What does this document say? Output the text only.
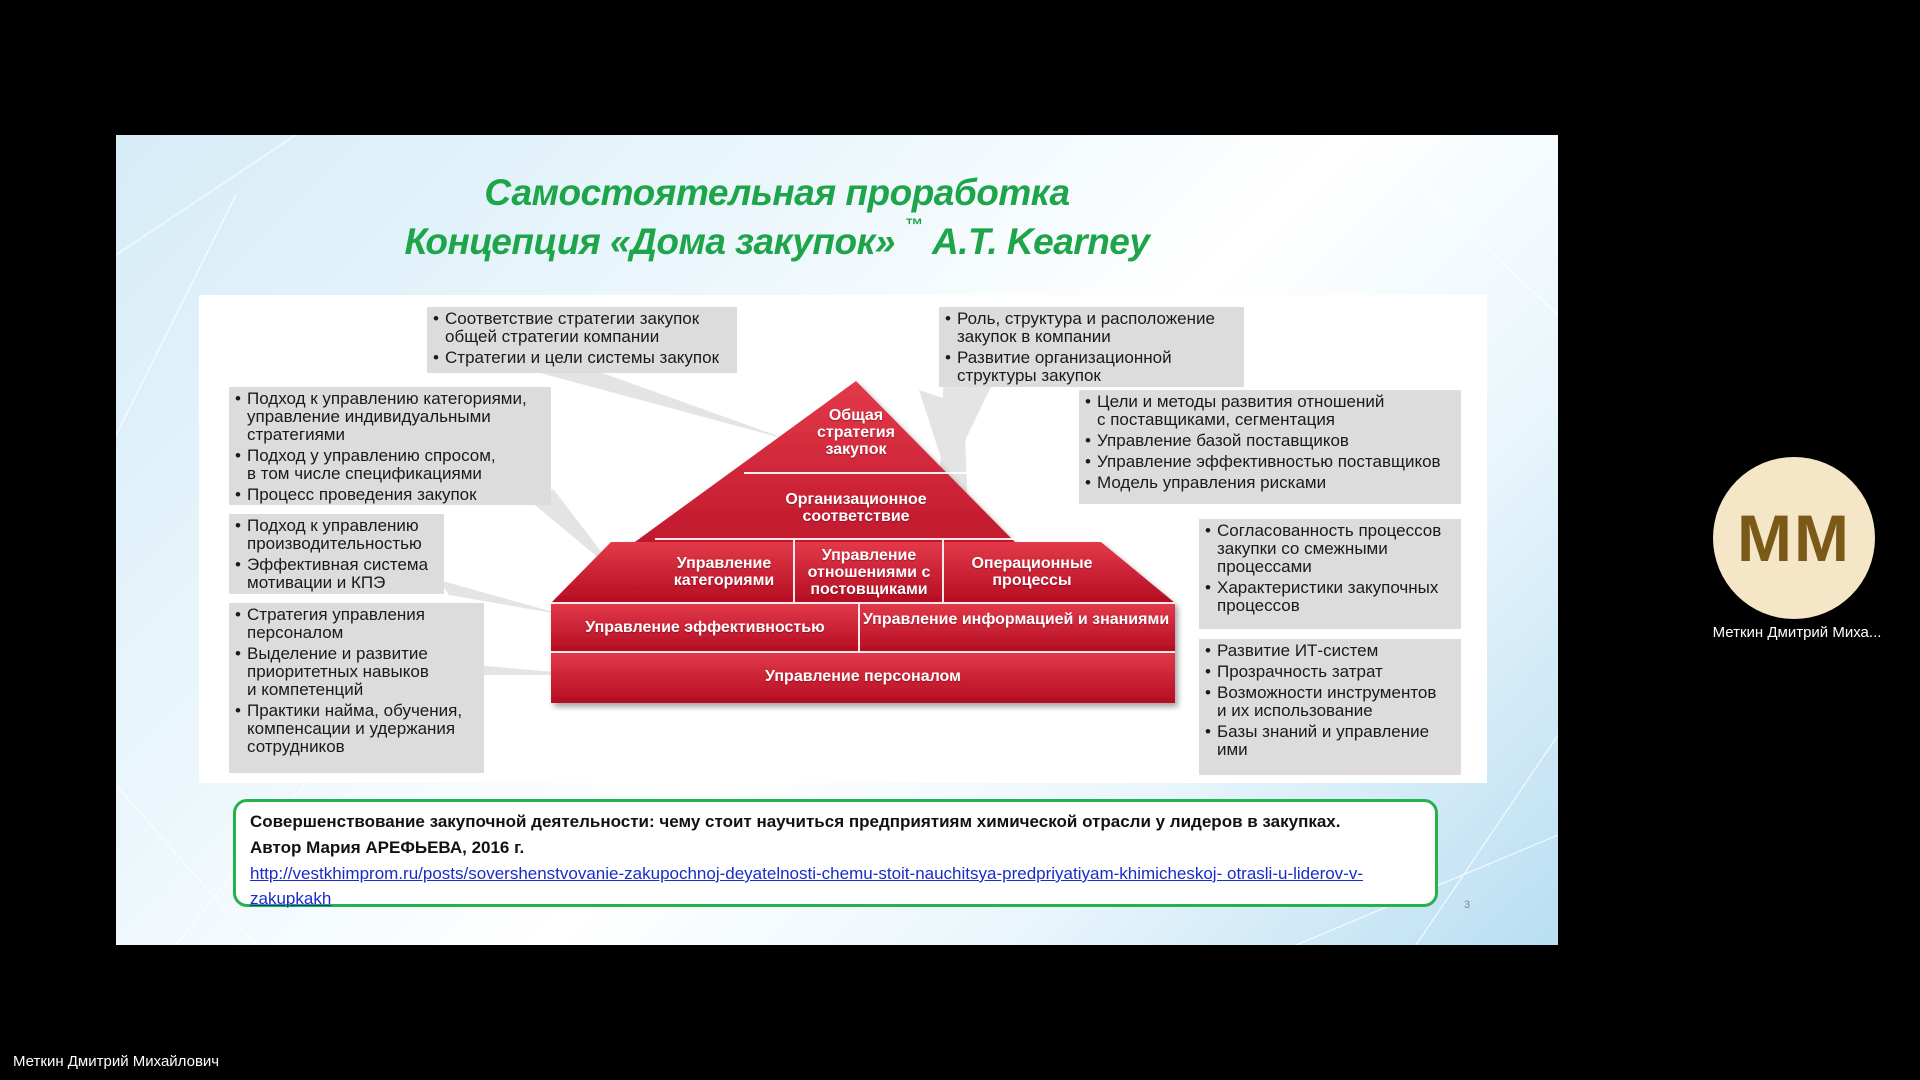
Самостоятельная проработка
Концепция «Дома закупок» ™ A.T. Kearney
Общая стратегия закупок
Организационное соответствие
Управление категориями
Управление отношениями с постовщиками
Операционные процессы
Управление эффективностью	Управление информацией и знаниями
Управление персоналом
• Соответствие стратегии закупок
общей стратегии компании
• Стратегии и цели системы закупок
• Роль, структура и расположение
закупок в компании
• Развитие организационной
структуры закупок
• Подход к управлению категориями,
управление индивидуальными
стратегиями
• Подход у управлению спросом,
в том числе спецификациями
• Процесс проведения закупок
• Подход к управлению
производительностью
• Эффективная система
мотивации и КПЭ
• Стратегия управления
персоналом
• Выделение и развитие
приоритетных навыков
и компетенций
• Практики найма, обучения,
компенсации и удержания
сотрудников
• Цели и методы развития отношений
с поставщиками, сегментация
• Управление базой поставщиков
• Управление эффективностью поставщиков
• Модель управления рисками
• Согласованность процессов
закупки со смежными
процессами
• Характеристики закупочных
процессов
• Развитие ИТ-систем
• Прозрачность затрат
• Возможности инструментов
и их использование
• Базы знаний и управление
ими
Совершенствование закупочной деятельности: чему стоит научиться предприятиям химической отрасли у лидеров в закупках.
Автор Мария АРЕФЬЕВА, 2016 г.
http://vestkhimprom.ru/posts/sovershenstvovanie-zakupochnoj-deyatelnosti-chemu-stoit-nauchitsya-predpriyatiyam-khimicheskoj- otrasli-u-liderov-v-zakupkakh	3
MM
Меткин Дмитрий Миха...
Меткин Дмитрий Михайлович
